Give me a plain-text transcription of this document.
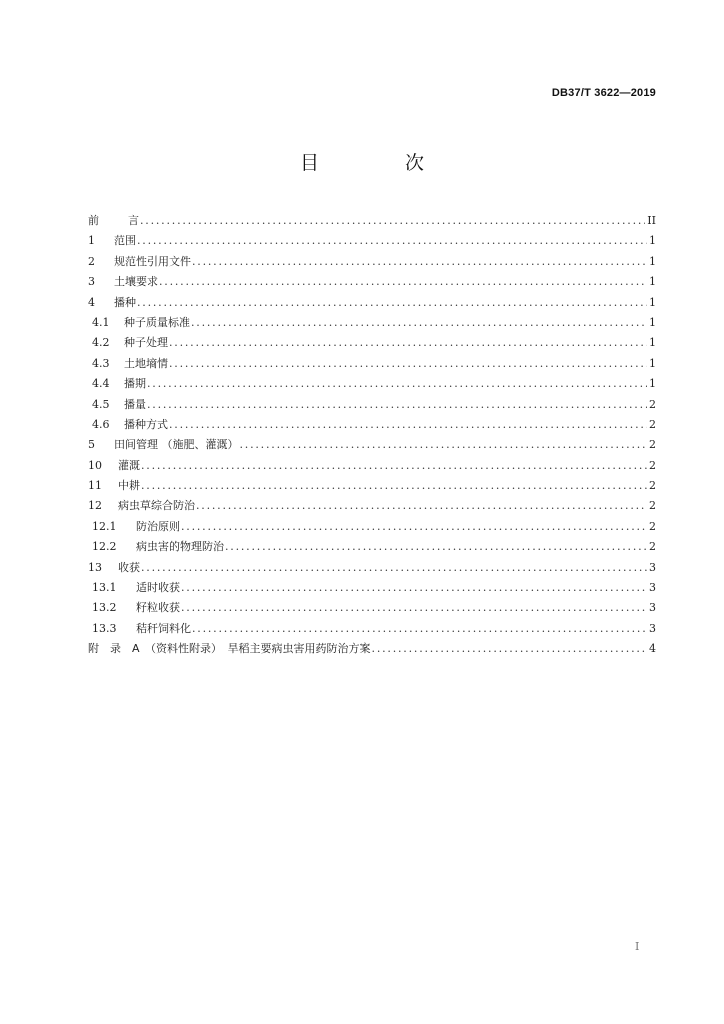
DB37/T 3622—2019
目 次
前	言 .....	II
1	范围 .....	1
2	规范性引用文件 .....	1
3	土壤要求 .....	1
4	播种 .....	1
4.1	种子质量标准 .....	1
4.2	种子处理 .....	1
4.3	土地墒情 .....	1
4.4	播期 .....	1
4.5	播量 .....	2
4.6	播种方式 .....	2
5	田间管理 （施肥、灌溉） .....	2
10	灌溉 .....	2
11	中耕 .....	2
12	病虫草综合防治 .....	2
12.1	防治原则 .....	2
12.2	病虫害的物理防治 .....	2
13	收获 .....	3
13.1	适时收获 .....	3
13.2	籽粒收获 .....	3
13.3	秸秆饲料化 .....	3
附　录　A　（资料性附录）　旱稻主要病虫害用药防治方案 .....	4
I
